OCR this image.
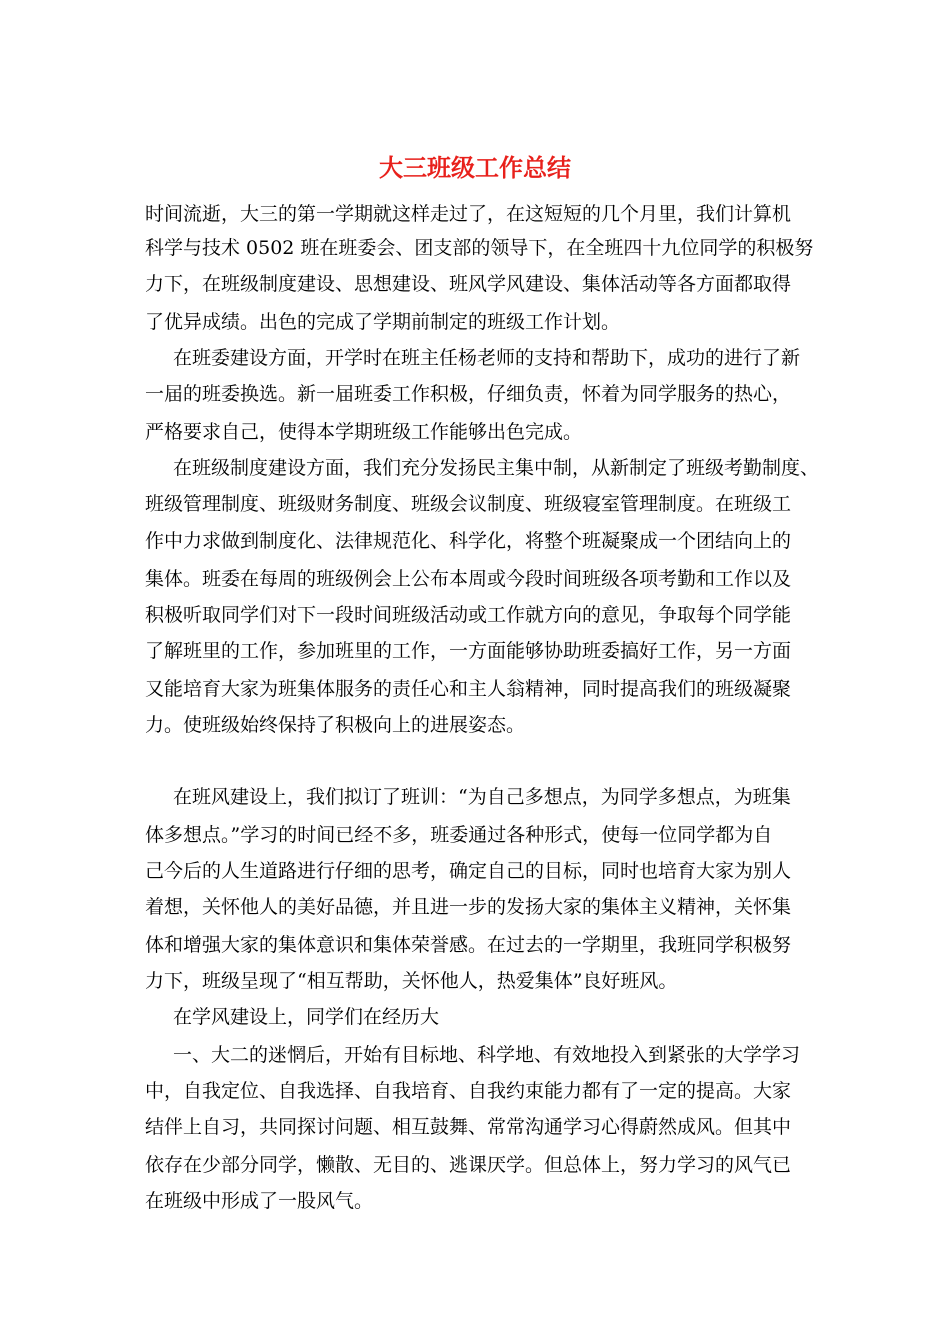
大三班级工作总结
时间流逝，大三的第一学期就这样走过了，在这短短的几个月里，我们计算机
科学与技术 0502 班在班委会、团支部的领导下，在全班四十九位同学的积极努
力下，在班级制度建设、思想建设、班风学风建设、集体活动等各方面都取得
了优异成绩。出色的完成了学期前制定的班级工作计划。
在班委建设方面，开学时在班主任杨老师的支持和帮助下，成功的进行了新
一届的班委换选。新一届班委工作积极，仔细负责，怀着为同学服务的热心，
严格要求自己，使得本学期班级工作能够出色完成。
在班级制度建设方面，我们充分发扬民主集中制，从新制定了班级考勤制度、
班级管理制度、班级财务制度、班级会议制度、班级寝室管理制度。在班级工
作中力求做到制度化、法律规范化、科学化，将整个班凝聚成一个团结向上的
集体。班委在每周的班级例会上公布本周或今段时间班级各项考勤和工作以及
积极听取同学们对下一段时间班级活动或工作就方向的意见，争取每个同学能
了解班里的工作，参加班里的工作，一方面能够协助班委搞好工作，另一方面
又能培育大家为班集体服务的责任心和主人翁精神，同时提高我们的班级凝聚
力。使班级始终保持了积极向上的进展姿态。
在班风建设上，我们拟订了班训：“为自己多想点，为同学多想点，为班集
体多想点。”学习的时间已经不多，班委通过各种形式，使每一位同学都为自
己今后的人生道路进行仔细的思考，确定自己的目标，同时也培育大家为别人
着想，关怀他人的美好品德，并且进一步的发扬大家的集体主义精神，关怀集
体和增强大家的集体意识和集体荣誉感。在过去的一学期里，我班同学积极努
力下，班级呈现了“相互帮助，关怀他人，热爱集体”良好班风。
在学风建设上，同学们在经历大
一、大二的迷惘后，开始有目标地、科学地、有效地投入到紧张的大学学习
中，自我定位、自我选择、自我培育、自我约束能力都有了一定的提高。大家
结伴上自习，共同探讨问题、相互鼓舞、常常沟通学习心得蔚然成风。但其中
依存在少部分同学，懒散、无目的、逃课厌学。但总体上，努力学习的风气已
在班级中形成了一股风气。
